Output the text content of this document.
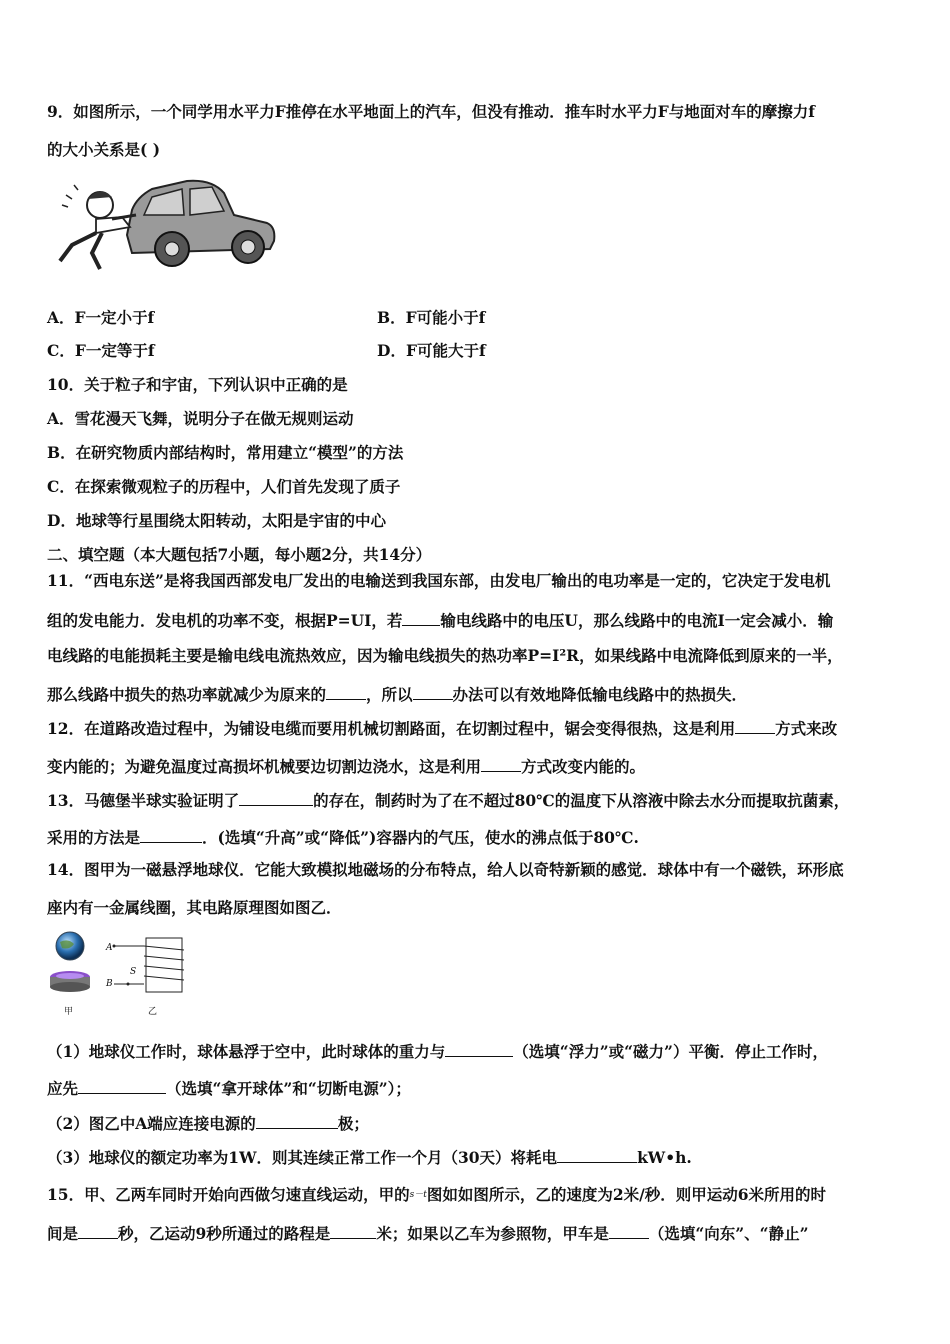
9．如图所示，一个同学用水平力F推停在水平地面上的汽车，但没有推动．推车时水平力F与地面对车的摩擦力f
的大小关系是( )
A．F一定小于f	B．F可能小于f
C．F一定等于f	D．F可能大于f
10．关于粒子和宇宙，下列认识中正确的是
A．雪花漫天飞舞，说明分子在做无规则运动
B．在研究物质内部结构时，常用建立“模型”的方法
C．在探索微观粒子的历程中，人们首先发现了质子
D．地球等行星围绕太阳转动，太阳是宇宙的中心
二、填空题（本大题包括7小题，每小题2分，共14分）
11．“西电东送”是将我国西部发电厂发出的电输送到我国东部，由发电厂输出的电功率是一定的，它决定于发电机
组的发电能力．发电机的功率不变，根据P=UI，若 输电线路中的电压U，那么线路中的电流I一定会减小．输
电线路的电能损耗主要是输电线电流热效应，因为输电线损失的热功率P=I²R，如果线路中电流降低到原来的一半，
那么线路中损失的热功率就减少为原来的	，所以	办法可以有效地降低输电线路中的热损失．
12．在道路改造过程中，为铺设电缆而要用机械切割路面，在切割过程中，锯会变得很热，这是利用	方式来改
变内能的；为避免温度过高损坏机械要边切割边浇水，这是利用	方式改变内能的。
13．马德堡半球实验证明了	的存在，制药时为了在不超过80℃的温度下从溶液中除去水分而提取抗菌素，
采用的方法是	．(选填“升高”或“降低”)容器内的气压，使水的沸点低于80℃.
14．图甲为一磁悬浮地球仪．它能大致模拟地磁场的分布特点，给人以奇特新颖的感觉．球体中有一个磁铁，环形底
座内有一金属线圈，其电路原理图如图乙．
甲
A
B
S
乙
（1）地球仪工作时，球体悬浮于空中，此时球体的重力与	（选填“浮力”或“磁力”）平衡．停止工作时，
应先	（选填“拿开球体”和“切断电源”）；
（2）图乙中A端应连接电源的	极；
（3）地球仪的额定功率为1W．则其连续正常工作一个月（30天）将耗电	kW•h.
15．甲、乙两车同时开始向西做匀速直线运动，甲的$^{s-t}$图如如图所示，乙的速度为2米/秒．则甲运动6米所用的时
间是	秒，乙运动9秒所通过的路程是	米；如果以乙车为参照物，甲车是	（选填“向东”、“静止”
